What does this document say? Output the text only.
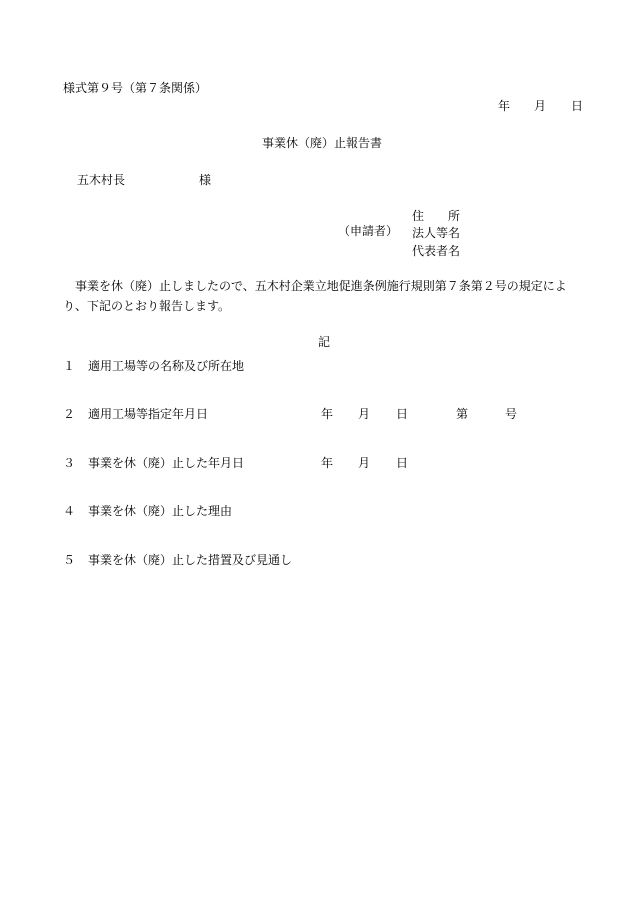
様式第９号（第７条関係）
年 月 日
事業休（廃）止報告書
五木村長	様
（申請者）
住　　所
法人等名
代表者名
事業を休（廃）止しましたので、五木村企業立地促進条例施行規則第７条第２号の規定により、下記のとおり報告します。
記
１ 適用工場等の名称及び所在地
２ 適用工場等指定年月日	年 月 日	第	号
３ 事業を休（廃）止した年月日	年 月 日
４ 事業を休（廃）止した理由
５ 事業を休（廃）止した措置及び見通し
